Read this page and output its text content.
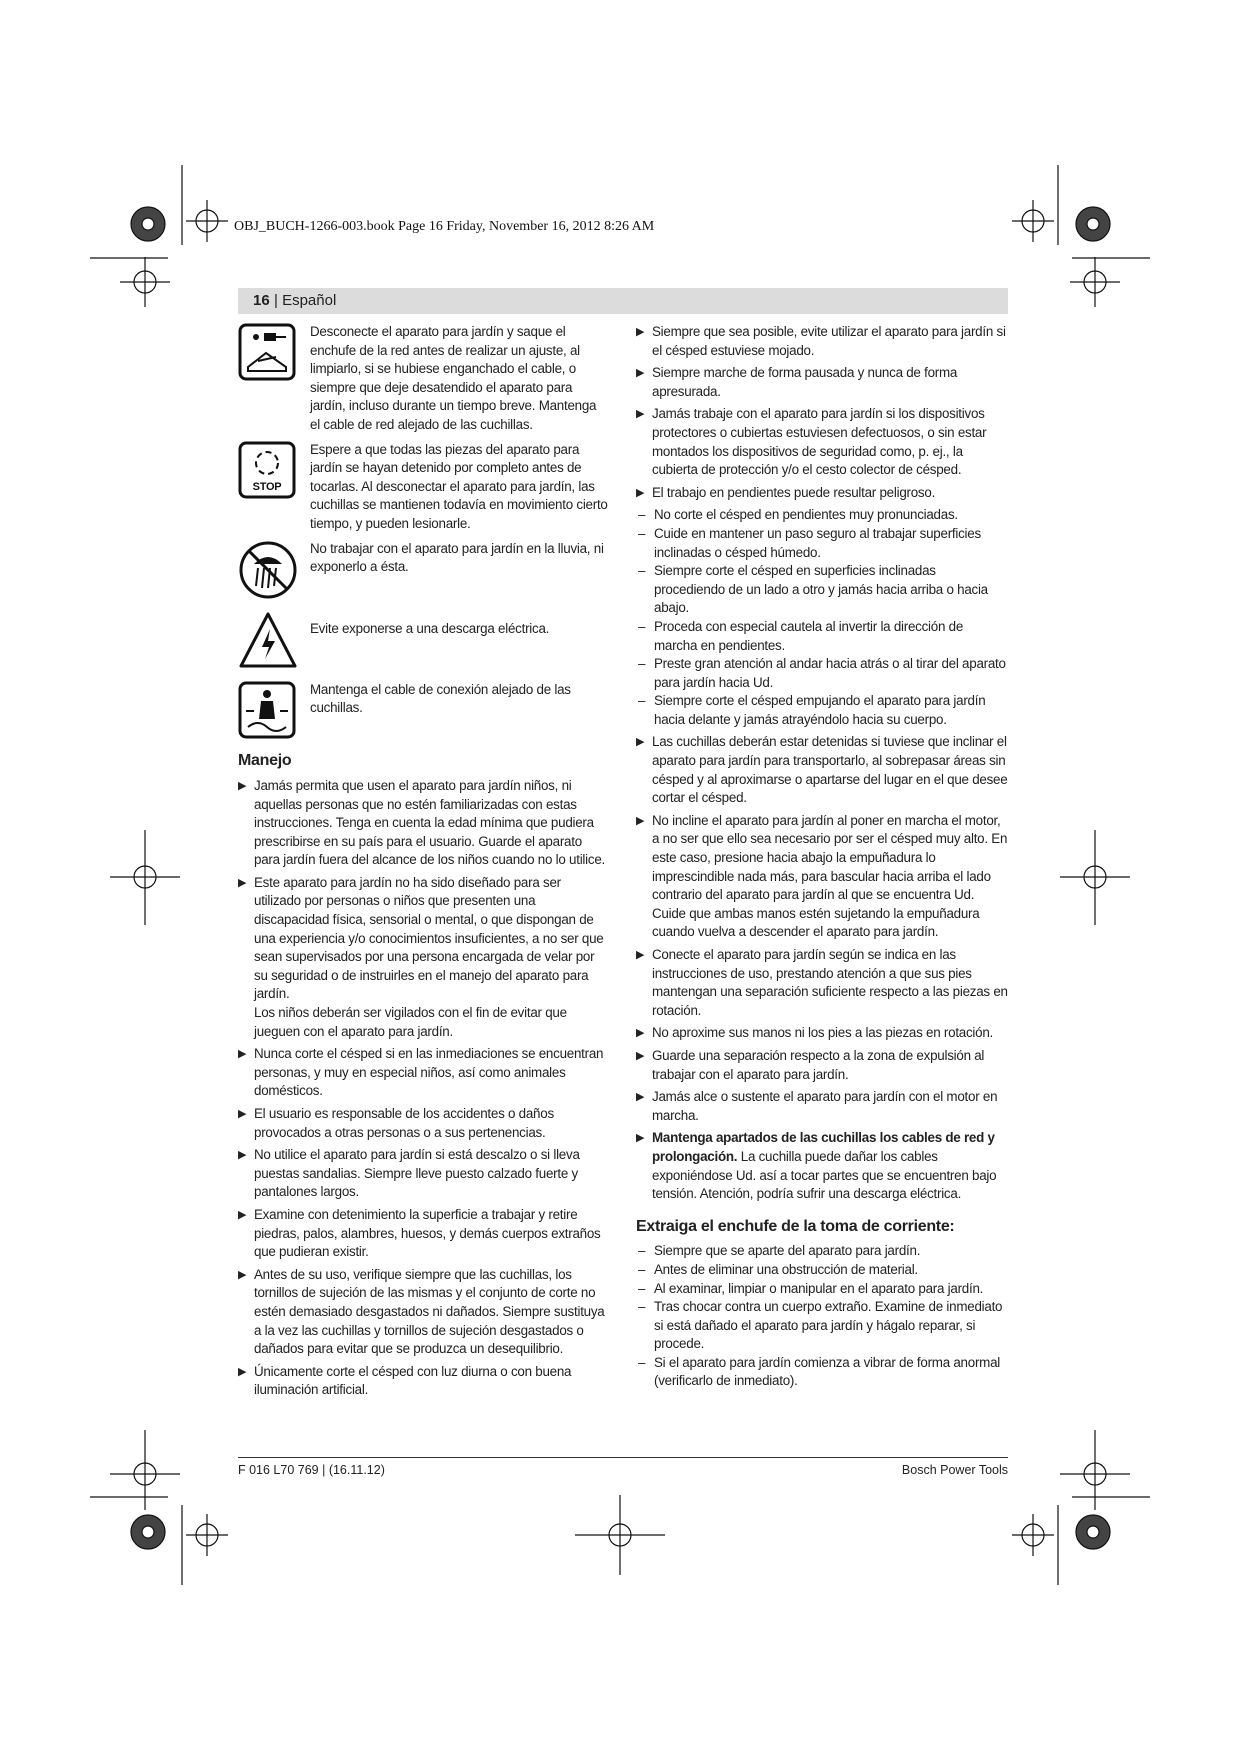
OBJ_BUCH-1266-003.book Page 16 Friday, November 16, 2012 8:26 AM
16 | Español
Desconecte el aparato para jardín y saque el enchufe de la red antes de realizar un ajuste, al limpiarlo, si se hubiese enganchado el cable, o siempre que deje desatendido el aparato para jardín, incluso durante un tiempo breve. Mantenga el cable de red alejado de las cuchillas.
STOP
Espere a que todas las piezas del aparato para jardín se hayan detenido por completo antes de tocarlas. Al desconectar el aparato para jardín, las cuchillas se mantienen todavía en movimiento cierto tiempo, y pueden lesionarle.
No trabajar con el aparato para jardín en la lluvia, ni exponerlo a ésta.
Evite exponerse a una descarga eléctrica.
Mantenga el cable de conexión alejado de las cuchillas.
Manejo
▶ Jamás permita que usen el aparato para jardín niños, ni aquellas personas que no estén familiarizadas con estas instrucciones. Tenga en cuenta la edad mínima que pudiera prescribirse en su país para el usuario. Guarde el aparato para jardín fuera del alcance de los niños cuando no lo utilice.
▶ Este aparato para jardín no ha sido diseñado para ser utilizado por personas o niños que presenten una discapacidad física, sensorial o mental, o que dispongan de una experiencia y/o conocimientos insuficientes, a no ser que sean supervisados por una persona encargada de velar por su seguridad o de instruirles en el manejo del aparato para jardín.
Los niños deberán ser vigilados con el fin de evitar que jueguen con el aparato para jardín.
▶ Nunca corte el césped si en las inmediaciones se encuentran personas, y muy en especial niños, así como animales domésticos.
▶ El usuario es responsable de los accidentes o daños provocados a otras personas o a sus pertenencias.
▶ No utilice el aparato para jardín si está descalzo o si lleva puestas sandalias. Siempre lleve puesto calzado fuerte y pantalones largos.
▶ Examine con detenimiento la superficie a trabajar y retire piedras, palos, alambres, huesos, y demás cuerpos extraños que pudieran existir.
▶ Antes de su uso, verifique siempre que las cuchillas, los tornillos de sujeción de las mismas y el conjunto de corte no estén demasiado desgastados ni dañados. Siempre sustituya a la vez las cuchillas y tornillos de sujeción desgastados o dañados para evitar que se produzca un desequilibrio.
▶ Únicamente corte el césped con luz diurna o con buena iluminación artificial.
▶ Siempre que sea posible, evite utilizar el aparato para jardín si el césped estuviese mojado.
▶ Siempre marche de forma pausada y nunca de forma apresurada.
▶ Jamás trabaje con el aparato para jardín si los dispositivos protectores o cubiertas estuviesen defectuosos, o sin estar montados los dispositivos de seguridad como, p. ej., la cubierta de protección y/o el cesto colector de césped.
▶ El trabajo en pendientes puede resultar peligroso.
– No corte el césped en pendientes muy pronunciadas.
– Cuide en mantener un paso seguro al trabajar superficies inclinadas o césped húmedo.
– Siempre corte el césped en superficies inclinadas procediendo de un lado a otro y jamás hacia arriba o hacia abajo.
– Proceda con especial cautela al invertir la dirección de marcha en pendientes.
– Preste gran atención al andar hacia atrás o al tirar del aparato para jardín hacia Ud.
– Siempre corte el césped empujando el aparato para jardín hacia delante y jamás atrayéndolo hacia su cuerpo.
▶ Las cuchillas deberán estar detenidas si tuviese que inclinar el aparato para jardín para transportarlo, al sobrepasar áreas sin césped y al aproximarse o apartarse del lugar en el que desee cortar el césped.
▶ No incline el aparato para jardín al poner en marcha el motor, a no ser que ello sea necesario por ser el césped muy alto. En este caso, presione hacia abajo la empuñadura lo imprescindible nada más, para bascular hacia arriba el lado contrario del aparato para jardín al que se encuentra Ud. Cuide que ambas manos estén sujetando la empuñadura cuando vuelva a descender el aparato para jardín.
▶ Conecte el aparato para jardín según se indica en las instrucciones de uso, prestando atención a que sus pies mantengan una separación suficiente respecto a las piezas en rotación.
▶ No aproxime sus manos ni los pies a las piezas en rotación.
▶ Guarde una separación respecto a la zona de expulsión al trabajar con el aparato para jardín.
▶ Jamás alce o sustente el aparato para jardín con el motor en marcha.
▶ Mantenga apartados de las cuchillas los cables de red y prolongación. La cuchilla puede dañar los cables exponiéndose Ud. así a tocar partes que se encuentren bajo tensión. Atención, podría sufrir una descarga eléctrica.
Extraiga el enchufe de la toma de corriente:
– Siempre que se aparte del aparato para jardín.
– Antes de eliminar una obstrucción de material.
– Al examinar, limpiar o manipular en el aparato para jardín.
– Tras chocar contra un cuerpo extraño. Examine de inmediato si está dañado el aparato para jardín y hágalo reparar, si procede.
– Si el aparato para jardín comienza a vibrar de forma anormal (verificarlo de inmediato).
F 016 L70 769 | (16.11.12)	Bosch Power Tools
